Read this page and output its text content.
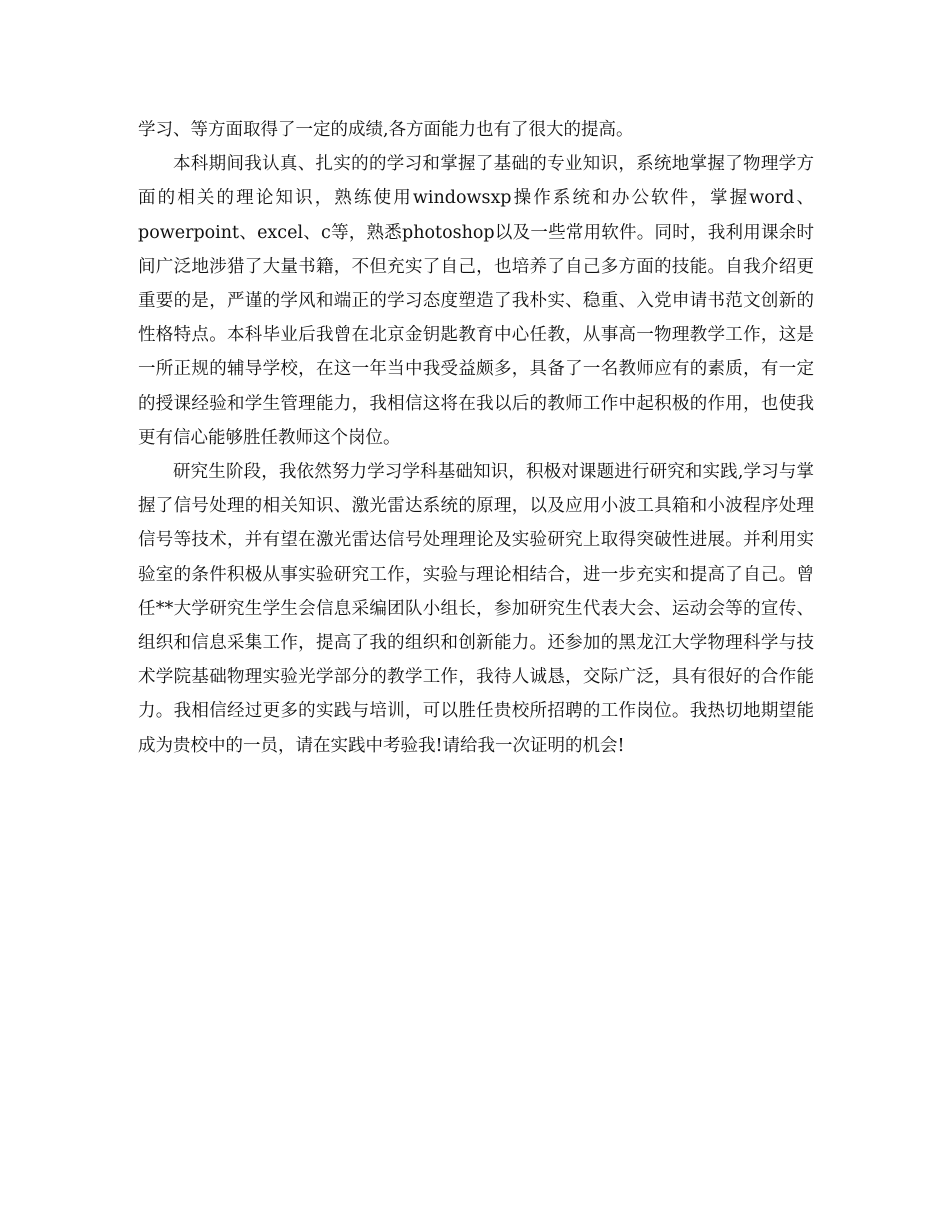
学习、等方面取得了一定的成绩,各方面能力也有了很大的提高。

本科期间我认真、扎实的的学习和掌握了基础的专业知识，系统地掌握了物理学方面的相关的理论知识，熟练使用windowsxp操作系统和办公软件，掌握word、powerpoint、excel、c等，熟悉photoshop以及一些常用软件。同时，我利用课余时间广泛地涉猎了大量书籍，不但充实了自己，也培养了自己多方面的技能。自我介绍更重要的是，严谨的学风和端正的学习态度塑造了我朴实、稳重、入党申请书范文创新的性格特点。本科毕业后我曾在北京金钥匙教育中心任教，从事高一物理教学工作，这是一所正规的辅导学校，在这一年当中我受益颇多，具备了一名教师应有的素质，有一定的授课经验和学生管理能力，我相信这将在我以后的教师工作中起积极的作用，也使我更有信心能够胜任教师这个岗位。

研究生阶段，我依然努力学习学科基础知识，积极对课题进行研究和实践,学习与掌握了信号处理的相关知识、激光雷达系统的原理，以及应用小波工具箱和小波程序处理信号等技术，并有望在激光雷达信号处理理论及实验研究上取得突破性进展。并利用实验室的条件积极从事实验研究工作，实验与理论相结合，进一步充实和提高了自己。曾任**大学研究生学生会信息采编团队小组长，参加研究生代表大会、运动会等的宣传、组织和信息采集工作，提高了我的组织和创新能力。还参加的黑龙江大学物理科学与技术学院基础物理实验光学部分的教学工作，我待人诚恳，交际广泛，具有很好的合作能力。我相信经过更多的实践与培训，可以胜任贵校所招聘的工作岗位。我热切地期望能成为贵校中的一员，请在实践中考验我!请给我一次证明的机会!
